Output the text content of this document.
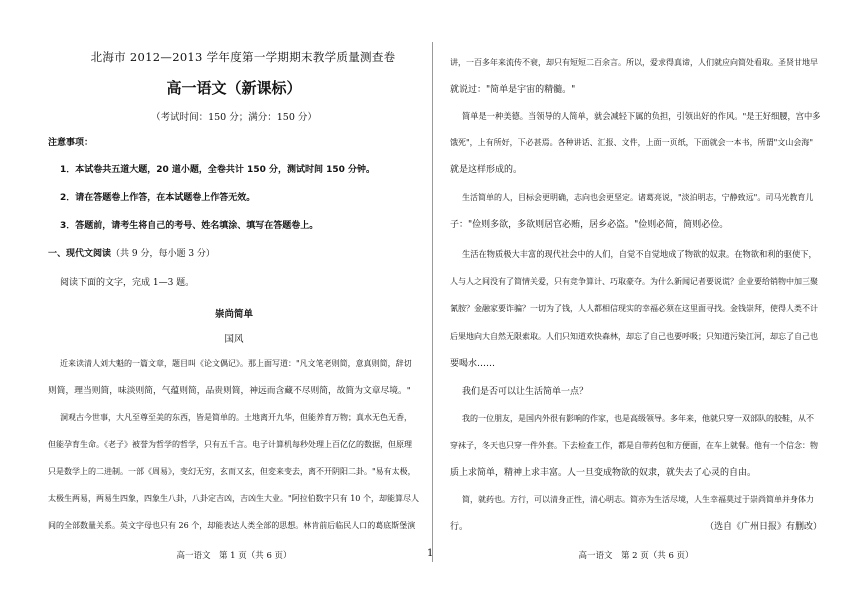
1
北海市 2012—2013 学年度第一学期期末教学质量测查卷
高一语文（新课标）
（考试时间：150 分；满分：150 分）
注意事项：
1．本试卷共五道大题，20 道小题，全卷共计 150 分，测试时间 150 分钟。
2．请在答题卷上作答，在本试题卷上作答无效。
3．答题前，请考生将自己的考号、姓名填涂、填写在答题卷上。
一、现代文阅读（共 9 分，每小题 3 分）
阅读下面的文字，完成 1—3 题。
崇尚简单
国风
近来读清人刘大魁的一篇文章，题目叫《论文偶记》。那上面写道："凡文笔老则简，意真则简，辞切
则简，理当则简，味淡则简，气蕴则简，品贵则简，神远而含藏不尽则简，故简为文章尽境。"
洞观古今世事，大凡至尊至美的东西，皆是简单的。土地离开九华，但能养育万物；真水无色无香，
但能孕育生命。《老子》被誉为哲学的哲学，只有五千言。电子计算机每秒处理上百亿亿的数据，但原理
只是数学上的二进制。一部《周易》，变幻无穷，玄而又玄，但変来变去，离不开阴阳二卦。"易有太极，
太极生两易，两易生四象，四象生八卦，八卦定吉凶，吉凶生大业。"阿拉伯数字只有 10 个，却能算尽人
间的全部数量关系。英文字母也只有 26 个，却能表达人类全部的思想。林肯前后临民人口的葛底斯堡演
高一语文　第 1 页（共 6 页）
讲，一百多年来流传不衰，却只有短短二百余言。所以，爱求得真谛，人们就应向简处看取。圣贤甘地早
就说过："简单是宇宙的精髓。"
简单是一种美德。当领导的人简单，就会减轻下属的负担，引领出好的作风。"是王好细腰，宫中多
饿死"，上有所好，下必甚焉。各种讲话、汇报、文件，上面一页纸，下面就会一本书，所谓"文山会海"
就是这样形成的。
生活简单的人，目标会更明确，志向也会更坚定。诸葛亮说，"淡泊明志，宁静致远"。司马光教育儿
子："俭则多欲，多欲则居官必贿，居乡必盗。"俭则必简，简则必俭。
生活在物质极大丰富的现代社会中的人们，自觉不自觉地成了物欲的奴隶。在物欲和利的驱使下，
人与人之间没有了简情关爱，只有竞争算计、巧取豪夺。为什么新闻记者要说谎？企业要给销物中加三聚
氰胺？金融家要诈骗？一切为了钱，人人都相信现实的幸福必须在这里面寻找。金钱崇拜，使得人类不计
后果地向大自然无限索取。人们只知道欢快森林，却忘了自己也要呼吸；只知道污染江河，却忘了自己也
要喝水……
我们是否可以让生活简单一点？
我的一位朋友，是国内外很有影响的作家，也是高级领导。多年来，他就只穿一双部队的胶鞋，从不
穿袜子，冬天也只穿一件外套。下去检查工作，都是自带药包和方便面，在车上就餐。他有一个信念：物
质上求简单，精神上求丰富。人一旦变成物欲的奴隶，就失去了心灵的自由。
简，就药也。方行，可以清身正性，清心明志。简亦为生活尽境，人生幸福莫过于崇尚简单并身体力
行。	（选自《广州日报》有删改）
高一语文　第 2 页（共 6 页）
